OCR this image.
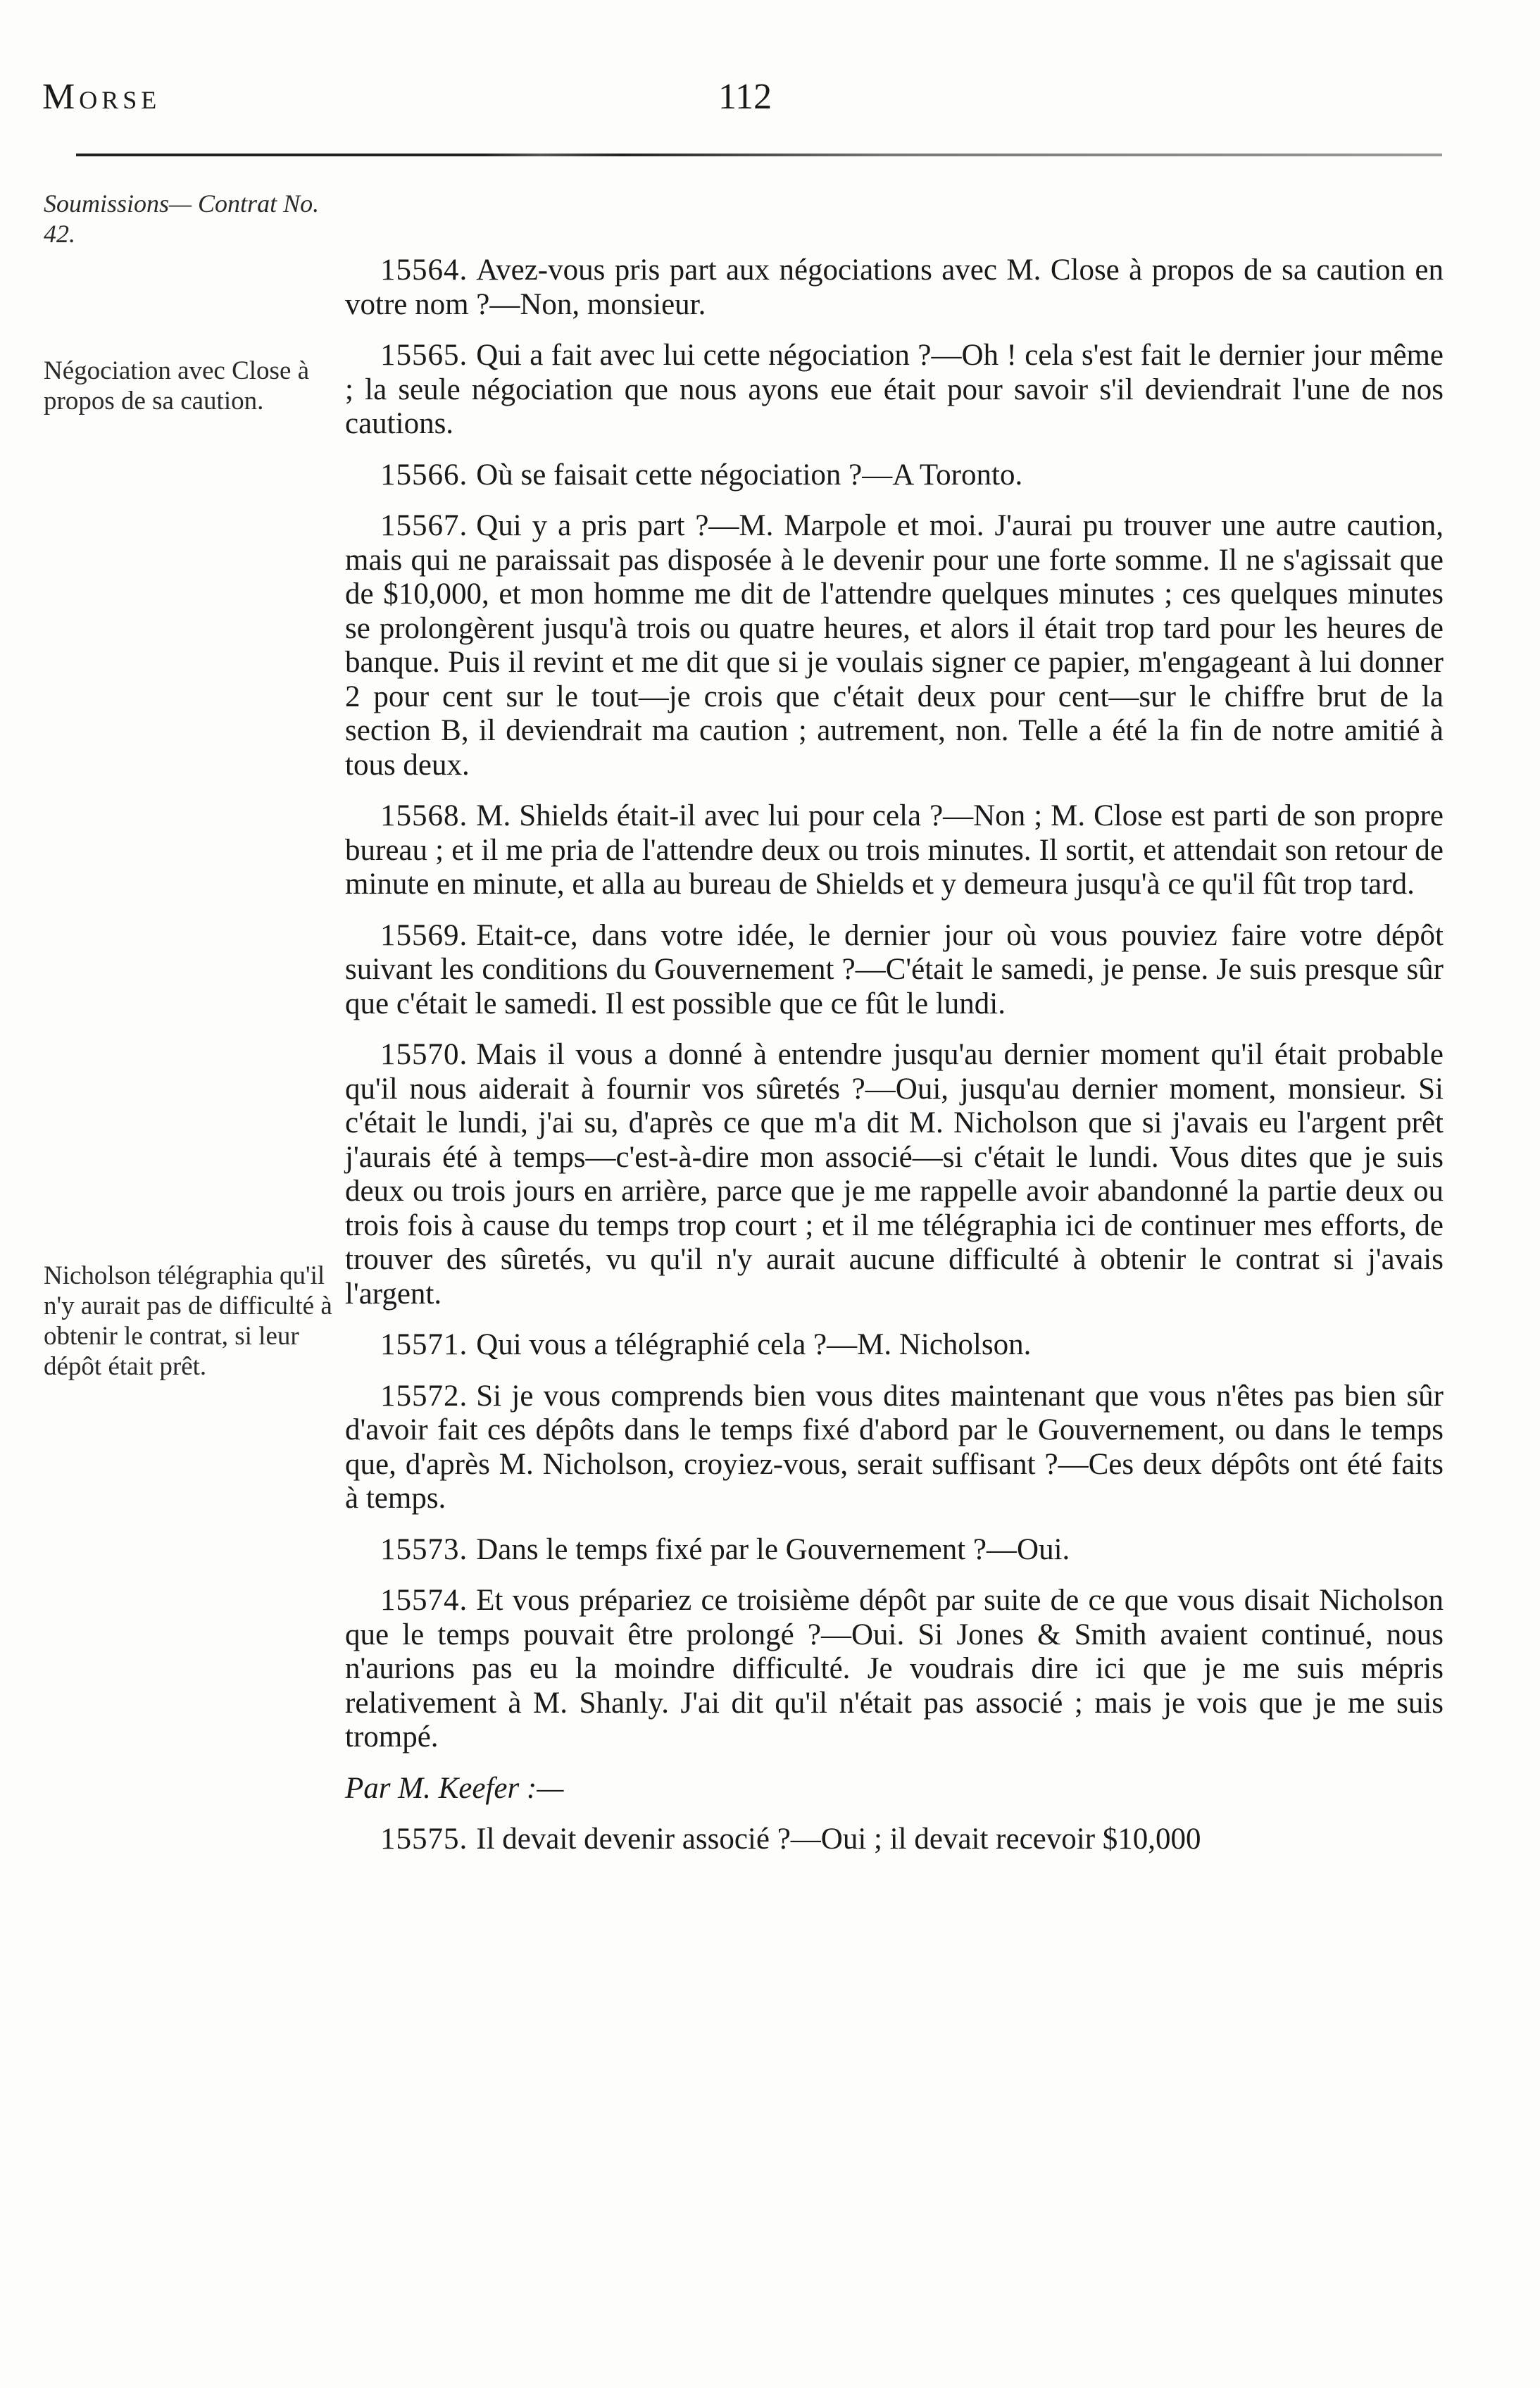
Morse	112
Soumissions— Contrat No. 42.
Négociation avec Close à propos de sa caution.
Nicholson télégraphia qu'il n'y aurait pas de difficulté à obtenir le contrat, si leur dépôt était prêt.

15564. Avez-vous pris part aux négociations avec M. Close à propos de sa caution en votre nom ?—Non, monsieur.

15565. Qui a fait avec lui cette négociation ?—Oh ! cela s'est fait le dernier jour même ; la seule négociation que nous ayons eue était pour savoir s'il deviendrait l'une de nos cautions.

15566. Où se faisait cette négociation ?—A Toronto.

15567. Qui y a pris part ?—M. Marpole et moi. J'aurai pu trouver une autre caution, mais qui ne paraissait pas disposée à le devenir pour une forte somme. Il ne s'agissait que de $10,000, et mon homme me dit de l'attendre quelques minutes ; ces quelques minutes se prolongèrent jusqu'à trois ou quatre heures, et alors il était trop tard pour les heures de banque. Puis il revint et me dit que si je voulais signer ce papier, m'engageant à lui donner 2 pour cent sur le tout—je crois que c'était deux pour cent—sur le chiffre brut de la section B, il deviendrait ma caution ; autrement, non. Telle a été la fin de notre amitié à tous deux.

15568. M. Shields était-il avec lui pour cela ?—Non ; M. Close est parti de son propre bureau ; et il me pria de l'attendre deux ou trois minutes. Il sortit, et attendait son retour de minute en minute, et alla au bureau de Shields et y demeura jusqu'à ce qu'il fût trop tard.

15569. Etait-ce, dans votre idée, le dernier jour où vous pouviez faire votre dépôt suivant les conditions du Gouvernement ?—C'était le samedi, je pense. Je suis presque sûr que c'était le samedi. Il est possible que ce fût le lundi.

15570. Mais il vous a donné à entendre jusqu'au dernier moment qu'il était probable qu'il nous aiderait à fournir vos sûretés ?—Oui, jusqu'au dernier moment, monsieur. Si c'était le lundi, j'ai su, d'après ce que m'a dit M. Nicholson que si j'avais eu l'argent prêt j'aurais été à temps—c'est-à-dire mon associé—si c'était le lundi. Vous dites que je suis deux ou trois jours en arrière, parce que je me rappelle avoir abandonné la partie deux ou trois fois à cause du temps trop court ; et il me télégraphia ici de continuer mes efforts, de trouver des sûretés, vu qu'il n'y aurait aucune difficulté à obtenir le contrat si j'avais l'argent.

15571. Qui vous a télégraphié cela ?—M. Nicholson.

15572. Si je vous comprends bien vous dites maintenant que vous n'êtes pas bien sûr d'avoir fait ces dépôts dans le temps fixé d'abord par le Gouvernement, ou dans le temps que, d'après M. Nicholson, croyiez-vous, serait suffisant ?—Ces deux dépôts ont été faits à temps.

15573. Dans le temps fixé par le Gouvernement ?—Oui.

15574. Et vous prépariez ce troisième dépôt par suite de ce que vous disait Nicholson que le temps pouvait être prolongé ?—Oui. Si Jones & Smith avaient continué, nous n'aurions pas eu la moindre difficulté. Je voudrais dire ici que je me suis mépris relativement à M. Shanly. J'ai dit qu'il n'était pas associé ; mais je vois que je me suis trompé.

Par M. Keefer :—

15575. Il devait devenir associé ?—Oui ; il devait recevoir $10,000
